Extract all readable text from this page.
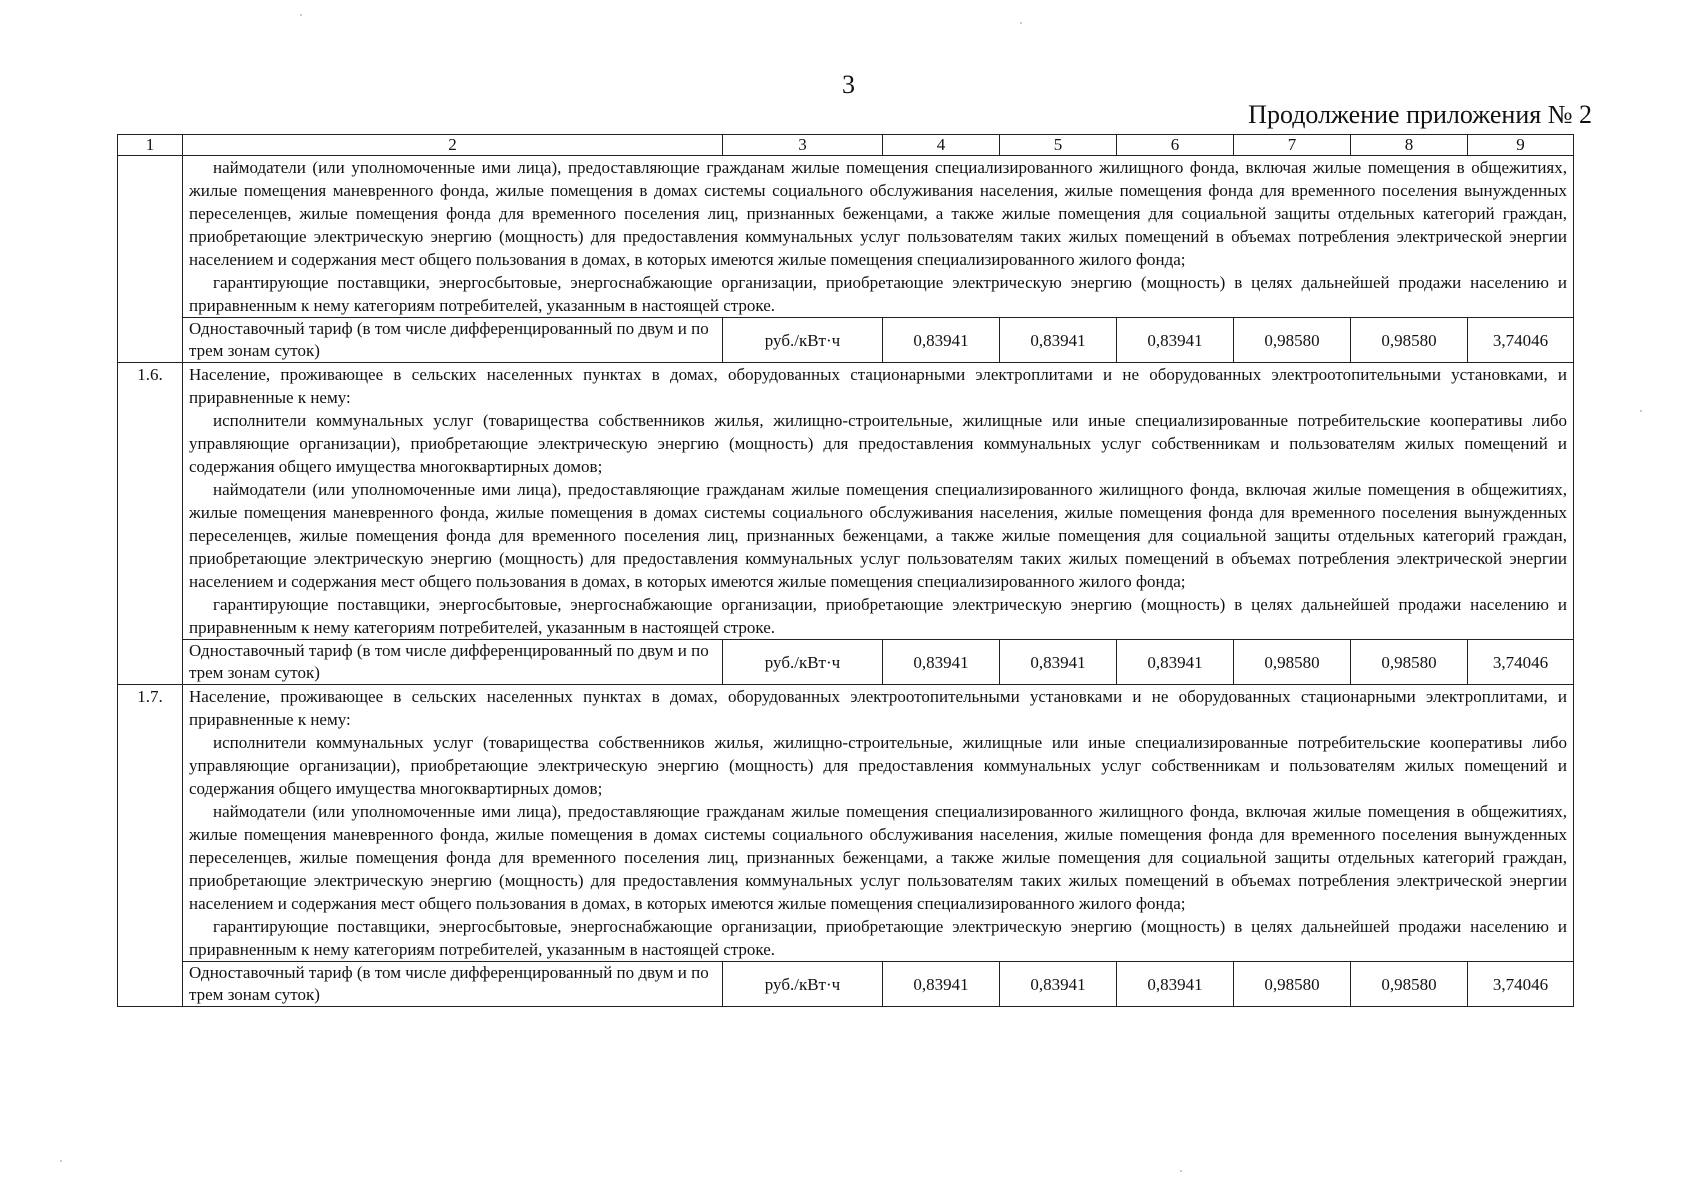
3
Продолжение приложения № 2
1	2	3	4	5	6	7	8	9

	наймодатели (или уполномоченные ими лица), предоставляющие гражданам жилые помещения специализированного жилищного фонда, включая жилые помещения в общежитиях, жилые помещения маневренного фонда, жилые помещения в домах системы социального обслуживания населения, жилые помещения фонда для временного поселения вынужденных переселенцев, жилые помещения фонда для временного поселения лиц, признанных беженцами, а также жилые помещения для социальной защиты отдельных категорий граждан, приобретающие электрическую энергию (мощность) для предоставления коммунальных услуг пользователям таких жилых помещений в объемах потребления электрической энергии населением и содержания мест общего пользования в домах, в которых имеются жилые помещения специализированного жилого фонда;

гарантирующие поставщики, энергосбытовые, энергоснабжающие организации, приобретающие электрическую энергию (мощность) в целях дальнейшей продажи населению и приравненным к нему категориям потребителей, указанным в настоящей строке.							

	Одноставочный тариф (в том числе дифференцированный по двум и по трем зонам суток)	руб./кВт·ч	0,83941	0,83941	0,83941	0,98580	0,98580	3,74046
1.6.	Население, проживающее в сельских населенных пунктах в домах, оборудованных стационарными электроплитами и не оборудованных электроотопительными установками, и приравненные к нему:

исполнители коммунальных услуг (товарищества собственников жилья, жилищно-строительные, жилищные или иные специализированные потребительские кооперативы либо управляющие организации), приобретающие электрическую энергию (мощность) для предоставления коммунальных услуг собственникам и пользователям жилых помещений и содержания общего имущества многоквартирных домов;

наймодатели (или уполномоченные ими лица), предоставляющие гражданам жилые помещения специализированного жилищного фонда, включая жилые помещения в общежитиях, жилые помещения маневренного фонда, жилые помещения в домах системы социального обслуживания населения, жилые помещения фонда для временного поселения вынужденных переселенцев, жилые помещения фонда для временного поселения лиц, признанных беженцами, а также жилые помещения для социальной защиты отдельных категорий граждан, приобретающие электрическую энергию (мощность) для предоставления коммунальных услуг пользователям таких жилых помещений в объемах потребления электрической энергии населением и содержания мест общего пользования в домах, в которых имеются жилые помещения специализированного жилого фонда;

гарантирующие поставщики, энергосбытовые, энергоснабжающие организации, приобретающие электрическую энергию (мощность) в целях дальнейшей продажи населению и приравненным к нему категориям потребителей, указанным в настоящей строке.							

	Одноставочный тариф (в том числе дифференцированный по двум и по трем зонам суток)	руб./кВт·ч	0,83941	0,83941	0,83941	0,98580	0,98580	3,74046
1.7.	Население, проживающее в сельских населенных пунктах в домах, оборудованных электроотопительными установками и не оборудованных стационарными электроплитами, и приравненные к нему:

исполнители коммунальных услуг (товарищества собственников жилья, жилищно-строительные, жилищные или иные специализированные потребительские кооперативы либо управляющие организации), приобретающие электрическую энергию (мощность) для предоставления коммунальных услуг собственникам и пользователям жилых помещений и содержания общего имущества многоквартирных домов;

наймодатели (или уполномоченные ими лица), предоставляющие гражданам жилые помещения специализированного жилищного фонда, включая жилые помещения в общежитиях, жилые помещения маневренного фонда, жилые помещения в домах системы социального обслуживания населения, жилые помещения фонда для временного поселения вынужденных переселенцев, жилые помещения фонда для временного поселения лиц, признанных беженцами, а также жилые помещения для социальной защиты отдельных категорий граждан, приобретающие электрическую энергию (мощность) для предоставления коммунальных услуг пользователям таких жилых помещений в объемах потребления электрической энергии населением и содержания мест общего пользования в домах, в которых имеются жилые помещения специализированного жилого фонда;

гарантирующие поставщики, энергосбытовые, энергоснабжающие организации, приобретающие электрическую энергию (мощность) в целях дальнейшей продажи населению и приравненным к нему категориям потребителей, указанным в настоящей строке.							

	Одноставочный тариф (в том числе дифференцированный по двум и по трем зонам суток)	руб./кВт·ч	0,83941	0,83941	0,83941	0,98580	0,98580	3,74046
